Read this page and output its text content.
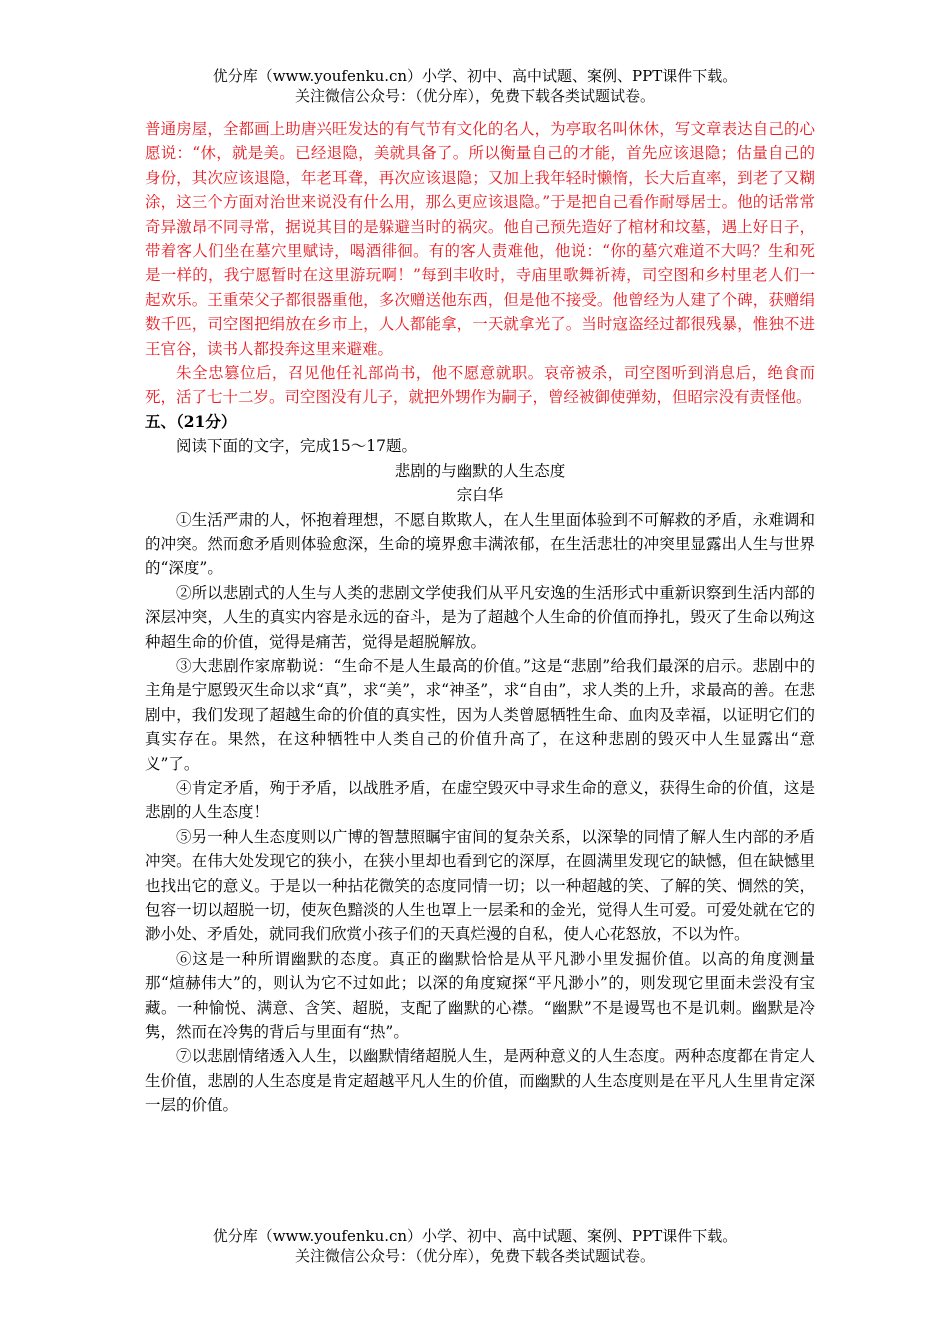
优分库（www.youfenku.cn）小学、初中、高中试题、案例、PPT课件下载。
关注微信公众号：（优分库），免费下载各类试题试卷。

普通房屋，全都画上助唐兴旺发达的有气节有文化的名人，为亭取名叫休休，写文章表达自己的心愿说：“休，就是美。已经退隐，美就具备了。所以衡量自己的才能，首先应该退隐；估量自己的身份，其次应该退隐，年老耳聋，再次应该退隐；又加上我年轻时懒惰，长大后直率，到老了又糊涂，这三个方面对治世来说没有什么用，那么更应该退隐。”于是把自己看作耐辱居士。他的话常常奇异激昂不同寻常，据说其目的是躲避当时的祸灾。他自己预先造好了棺材和坟墓，遇上好日子，带着客人们坐在墓穴里赋诗，喝酒徘徊。有的客人责难他，他说：“你的墓穴难道不大吗？生和死是一样的，我宁愿暂时在这里游玩啊！”每到丰收时，寺庙里歌舞祈祷，司空图和乡村里老人们一起欢乐。王重荣父子都很器重他，多次赠送他东西，但是他不接受。他曾经为人建了个碑，获赠绢数千匹，司空图把绢放在乡市上，人人都能拿，一天就拿光了。当时寇盗经过都很残暴，惟独不进王官谷，读书人都投奔这里来避难。

朱全忠篡位后，召见他任礼部尚书，他不愿意就职。哀帝被杀，司空图听到消息后，绝食而死，活了七十二岁。司空图没有儿子，就把外甥作为嗣子，曾经被御使弹劾，但昭宗没有责怪他。

五、（21分）

阅读下面的文字，完成15～17题。

悲剧的与幽默的人生态度

宗白华

①生活严肃的人，怀抱着理想，不愿自欺欺人，在人生里面体验到不可解救的矛盾，永难调和的冲突。然而愈矛盾则体验愈深，生命的境界愈丰满浓郁，在生活悲壮的冲突里显露出人生与世界的“深度”。

②所以悲剧式的人生与人类的悲剧文学使我们从平凡安逸的生活形式中重新识察到生活内部的深层冲突，人生的真实内容是永远的奋斗，是为了超越个人生命的价值而挣扎，毁灭了生命以殉这种超生命的价值，觉得是痛苦，觉得是超脱解放。

③大悲剧作家席勒说：“生命不是人生最高的价值。”这是“悲剧”给我们最深的启示。悲剧中的主角是宁愿毁灭生命以求“真”，求“美”，求“神圣”，求“自由”，求人类的上升，求最高的善。在悲剧中，我们发现了超越生命的价值的真实性，因为人类曾愿牺牲生命、血肉及幸福，以证明它们的真实存在。果然，在这种牺牲中人类自己的价值升高了，在这种悲剧的毁灭中人生显露出“意义”了。

④肯定矛盾，殉于矛盾，以战胜矛盾，在虚空毁灭中寻求生命的意义，获得生命的价值，这是悲剧的人生态度！

⑤另一种人生态度则以广博的智慧照瞩宇宙间的复杂关系，以深挚的同情了解人生内部的矛盾冲突。在伟大处发现它的狭小，在狭小里却也看到它的深厚，在圆满里发现它的缺憾，但在缺憾里也找出它的意义。于是以一种拈花微笑的态度同情一切；以一种超越的笑、了解的笑、惆然的笑，包容一切以超脱一切，使灰色黯淡的人生也罩上一层柔和的金光，觉得人生可爱。可爱处就在它的渺小处、矛盾处，就同我们欣赏小孩子们的天真烂漫的自私，使人心花怒放，不以为忤。

⑥这是一种所谓幽默的态度。真正的幽默恰恰是从平凡渺小里发掘价值。以高的角度测量那“煊赫伟大”的，则认为它不过如此；以深的角度窥探“平凡渺小”的，则发现它里面未尝没有宝藏。一种愉悦、满意、含笑、超脱，支配了幽默的心襟。“幽默”不是谩骂也不是讥刺。幽默是冷隽，然而在冷隽的背后与里面有“热”。

⑦以悲剧情绪透入人生，以幽默情绪超脱人生，是两种意义的人生态度。两种态度都在肯定人生价值，悲剧的人生态度是肯定超越平凡人生的价值，而幽默的人生态度则是在平凡人生里肯定深一层的价值。

优分库（www.youfenku.cn）小学、初中、高中试题、案例、PPT课件下载。
关注微信公众号：（优分库），免费下载各类试题试卷。
